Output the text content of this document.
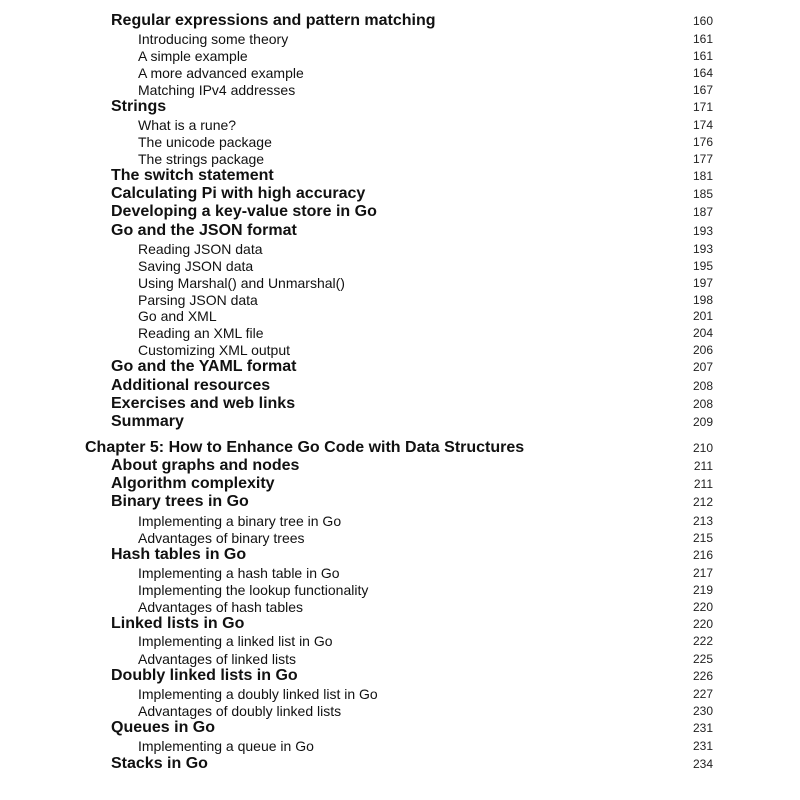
Regular expressions and pattern matching	160
Introducing some theory	161
A simple example	161
A more advanced example	164
Matching IPv4 addresses	167
Strings	171
What is a rune?	174
The unicode package	176
The strings package	177
The switch statement	181
Calculating Pi with high accuracy	185
Developing a key-value store in Go	187
Go and the JSON format	193
Reading JSON data	193
Saving JSON data	195
Using Marshal() and Unmarshal()	197
Parsing JSON data	198
Go and XML	201
Reading an XML file	204
Customizing XML output	206
Go and the YAML format	207
Additional resources	208
Exercises and web links	208
Summary	209
Chapter 5: How to Enhance Go Code with Data Structures	210
About graphs and nodes	211
Algorithm complexity	211
Binary trees in Go	212
Implementing a binary tree in Go	213
Advantages of binary trees	215
Hash tables in Go	216
Implementing a hash table in Go	217
Implementing the lookup functionality	219
Advantages of hash tables	220
Linked lists in Go	220
Implementing a linked list in Go	222
Advantages of linked lists	225
Doubly linked lists in Go	226
Implementing a doubly linked list in Go	227
Advantages of doubly linked lists	230
Queues in Go	231
Implementing a queue in Go	231
Stacks in Go	234
